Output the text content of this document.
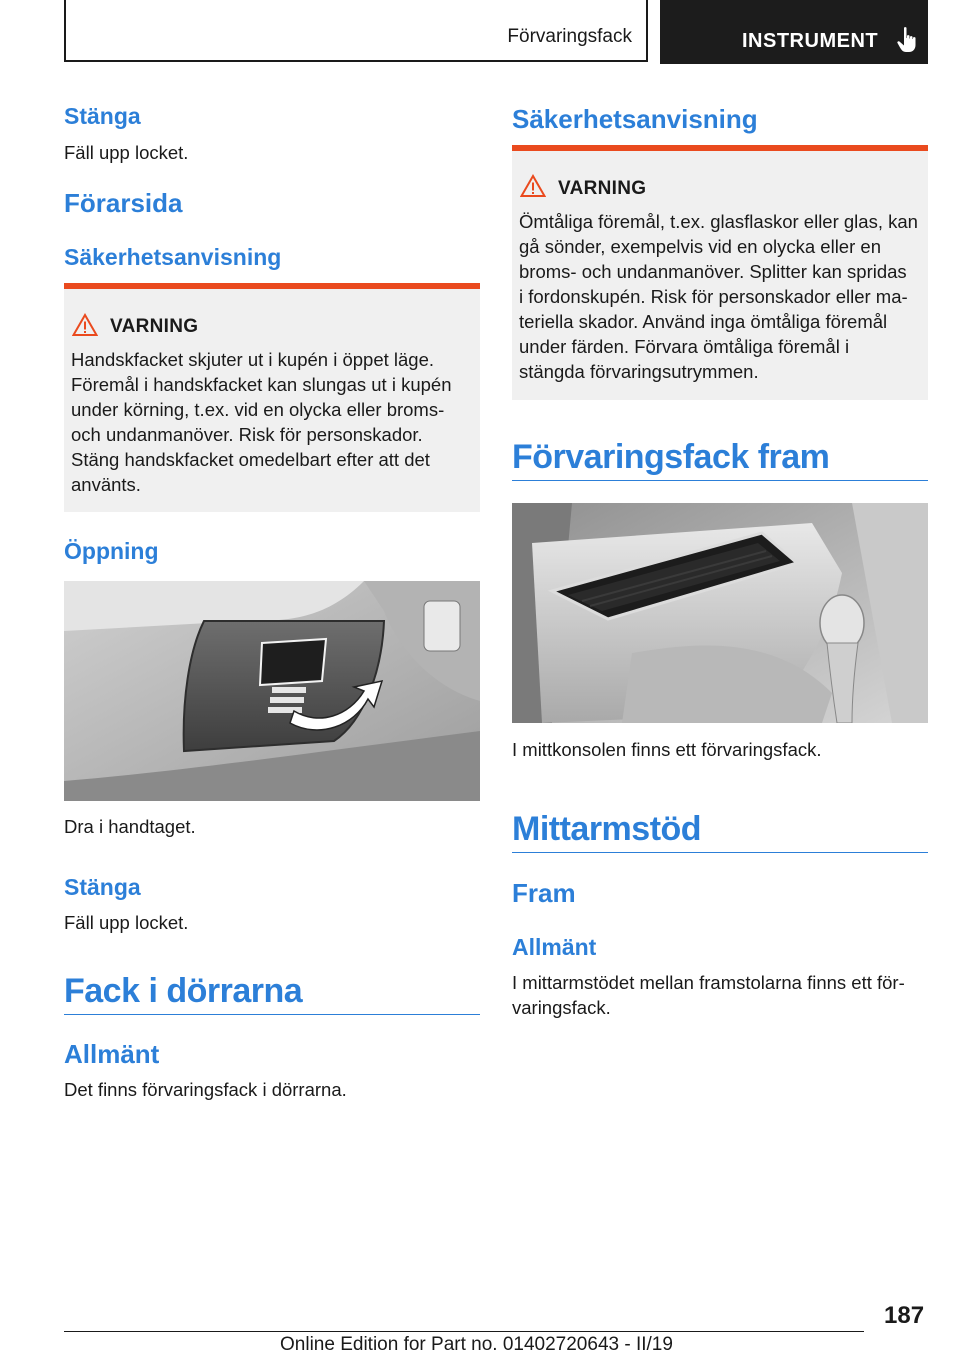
Förvaringsfack	INSTRUMENT
Stänga
Fäll upp locket.
Förarsida
Säkerhetsanvisning
VARNING
Handskfacket skjuter ut i kupén i öppet läge.
Föremål i handskfacket kan slungas ut i kupén
under körning, t.ex. vid en olycka eller broms-
och undanmanöver. Risk för personskador.
Stäng handskfacket omedelbart efter att det
använts.
Öppning
Dra i handtaget.
Stänga
Fäll upp locket.
Fack i dörrarna
Allmänt
Det finns förvaringsfack i dörrarna.
Säkerhetsanvisning
VARNING
Ömtåliga föremål, t.ex. glasflaskor eller glas, kan
gå sönder, exempelvis vid en olycka eller en
broms- och undanmanöver. Splitter kan spridas
i fordonskupén. Risk för personskador eller ma-
teriella skador. Använd inga ömtåliga föremål
under färden. Förvara ömtåliga föremål i
stängda förvaringsutrymmen.
Förvaringsfack fram
I mittkonsolen finns ett förvaringsfack.
Mittarmstöd
Fram
Allmänt
I mittarmstödet mellan framstolarna finns ett för-
varingsfack.
187
Online Edition for Part no. 01402720643 - II/19
